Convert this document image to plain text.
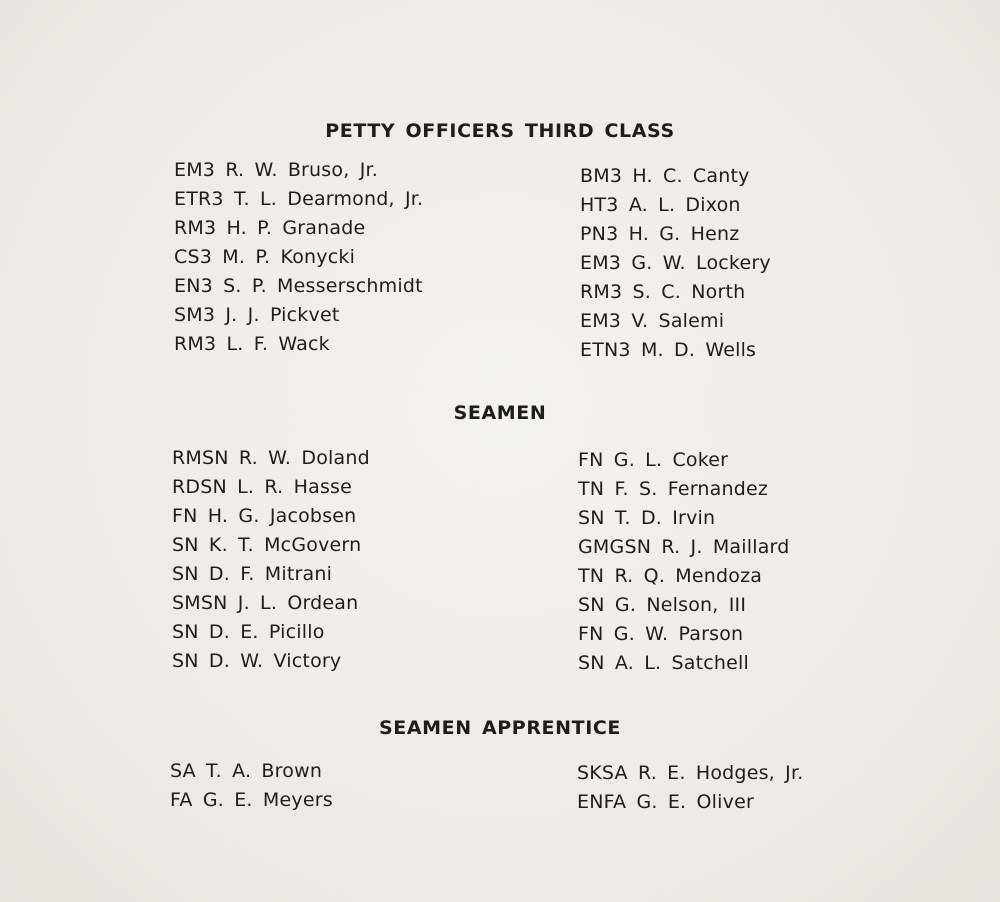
PETTY OFFICERS THIRD CLASS
EM3 R. W. Bruso, Jr.
ETR3 T. L. Dearmond, Jr.
RM3 H. P. Granade
CS3 M. P. Konycki
EN3 S. P. Messerschmidt
SM3 J. J. Pickvet
RM3 L. F. Wack
BM3 H. C. Canty
HT3 A. L. Dixon
PN3 H. G. Henz
EM3 G. W. Lockery
RM3 S. C. North
EM3 V. Salemi
ETN3 M. D. Wells
SEAMEN
RMSN R. W. Doland
RDSN L. R. Hasse
FN H. G. Jacobsen
SN K. T. McGovern
SN D. F. Mitrani
SMSN J. L. Ordean
SN D. E. Picillo
SN D. W. Victory
FN G. L. Coker
TN F. S. Fernandez
SN T. D. Irvin
GMGSN R. J. Maillard
TN R. Q. Mendoza
SN G. Nelson, III
FN G. W. Parson
SN A. L. Satchell
SEAMEN APPRENTICE
SA T. A. Brown
FA G. E. Meyers
SKSA R. E. Hodges, Jr.
ENFA G. E. Oliver
